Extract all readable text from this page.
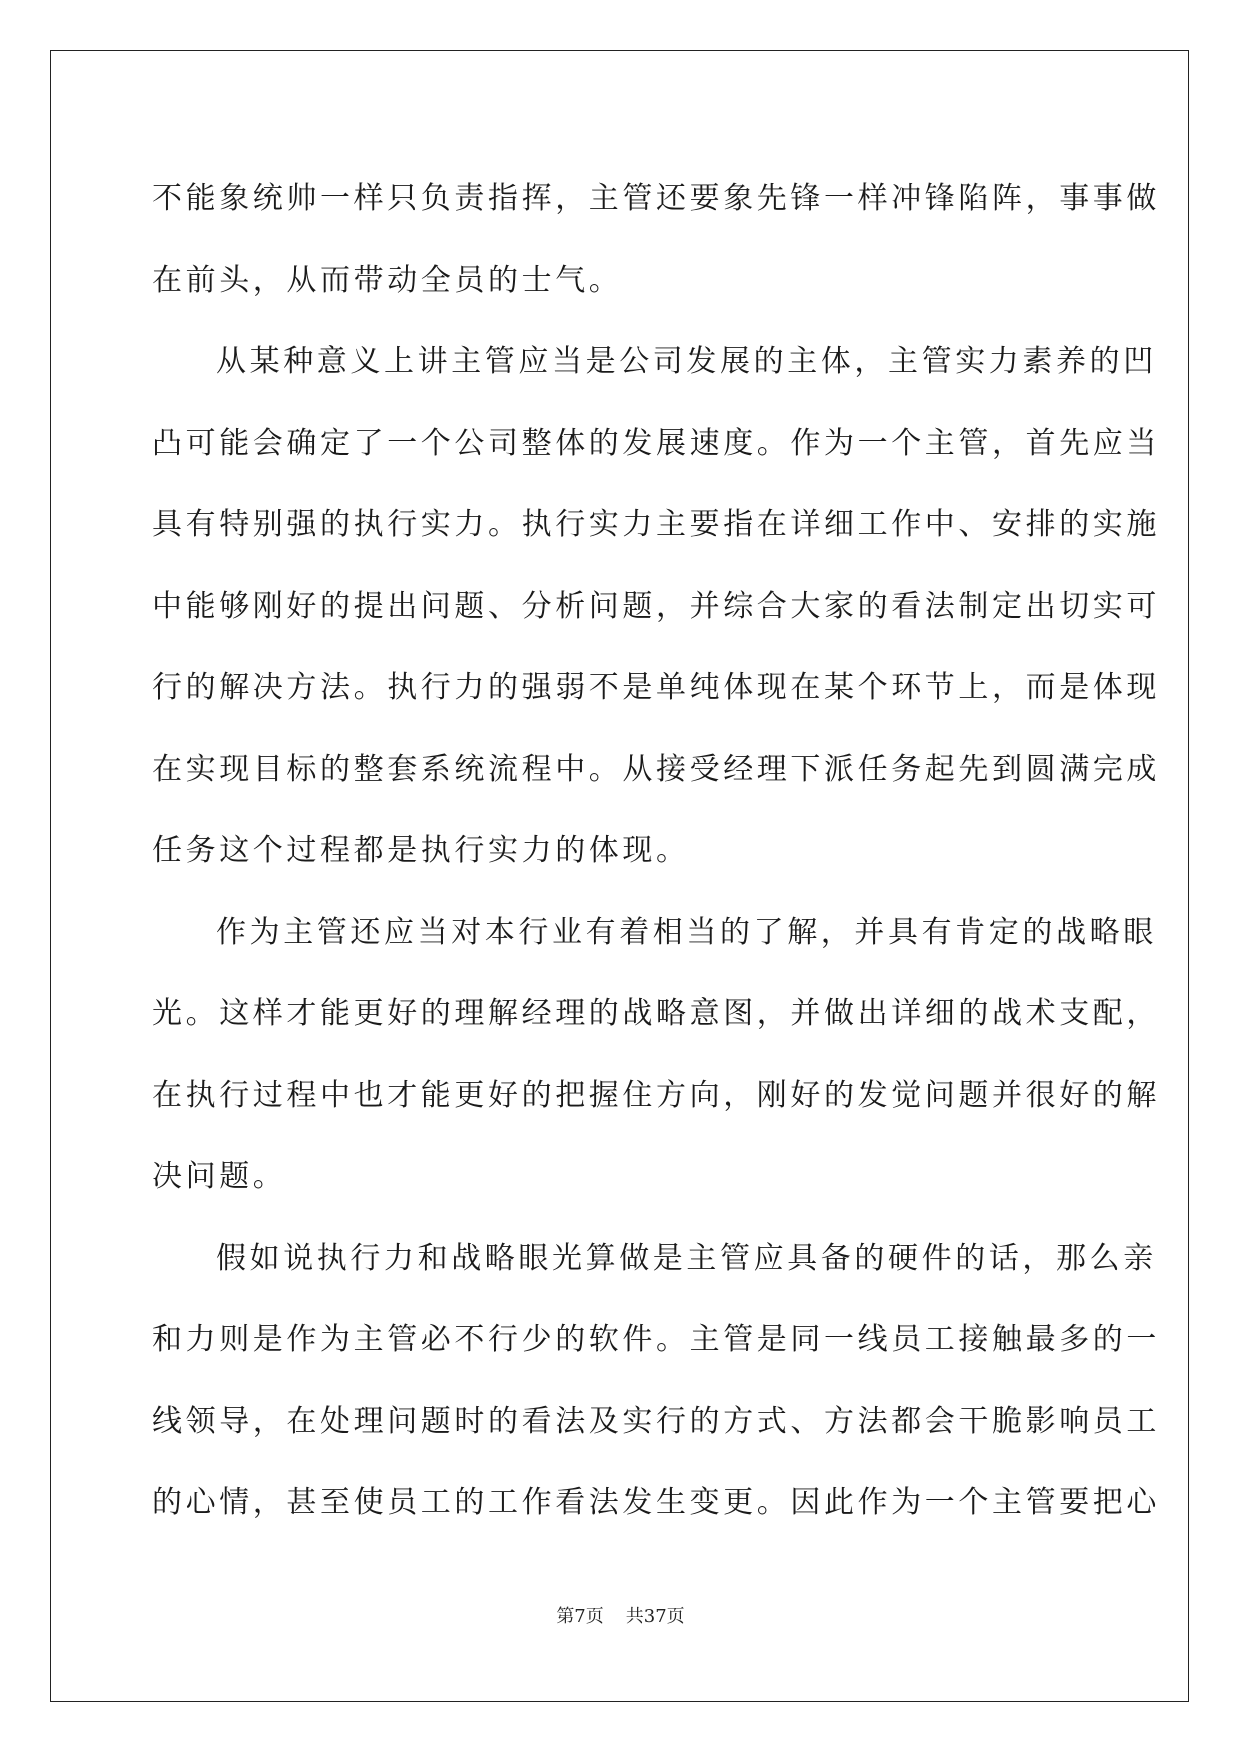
不能象统帅一样只负责指挥，主管还要象先锋一样冲锋陷阵，事事做
在前头，从而带动全员的士气。
从某种意义上讲主管应当是公司发展的主体，主管实力素养的凹
凸可能会确定了一个公司整体的发展速度。作为一个主管，首先应当
具有特别强的执行实力。执行实力主要指在详细工作中、安排的实施
中能够刚好的提出问题、分析问题，并综合大家的看法制定出切实可
行的解决方法。执行力的强弱不是单纯体现在某个环节上，而是体现
在实现目标的整套系统流程中。从接受经理下派任务起先到圆满完成
任务这个过程都是执行实力的体现。
作为主管还应当对本行业有着相当的了解，并具有肯定的战略眼
光。这样才能更好的理解经理的战略意图，并做出详细的战术支配，
在执行过程中也才能更好的把握住方向，刚好的发觉问题并很好的解
决问题。
假如说执行力和战略眼光算做是主管应具备的硬件的话，那么亲
和力则是作为主管必不行少的软件。主管是同一线员工接触最多的一
线领导，在处理问题时的看法及实行的方式、方法都会干脆影响员工
的心情，甚至使员工的工作看法发生变更。因此作为一个主管要把心
第7页 共37页
